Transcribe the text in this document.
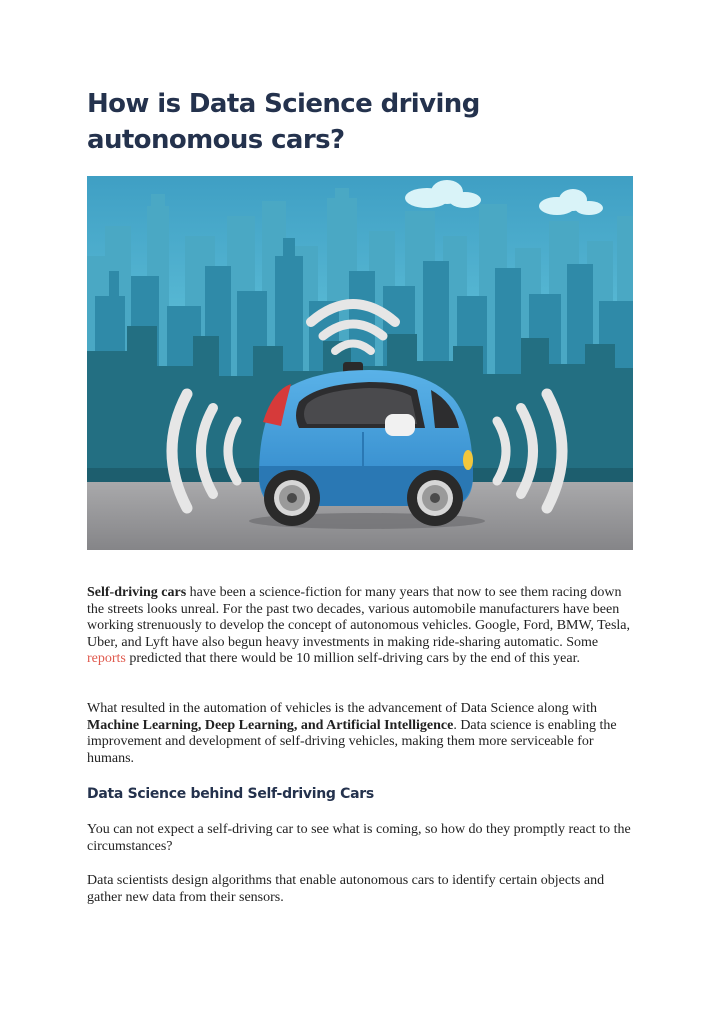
How is Data Science driving autonomous cars?

Self-driving cars have been a science-fiction for many years that now to see them racing down the streets looks unreal. For the past two decades, various automobile manufacturers have been working strenuously to develop the concept of autonomous vehicles. Google, Ford, BMW, Tesla, Uber, and Lyft have also begun heavy investments in making ride-sharing automatic. Some reports predicted that there would be 10 million self-driving cars by the end of this year.

What resulted in the automation of vehicles is the advancement of Data Science along with Machine Learning, Deep Learning, and Artificial Intelligence. Data science is enabling the improvement and development of self-driving vehicles, making them more serviceable for humans.

Data Science behind Self-driving Cars

You can not expect a self-driving car to see what is coming, so how do they promptly react to the circumstances?

Data scientists design algorithms that enable autonomous cars to identify certain objects and gather new data from their sensors.
